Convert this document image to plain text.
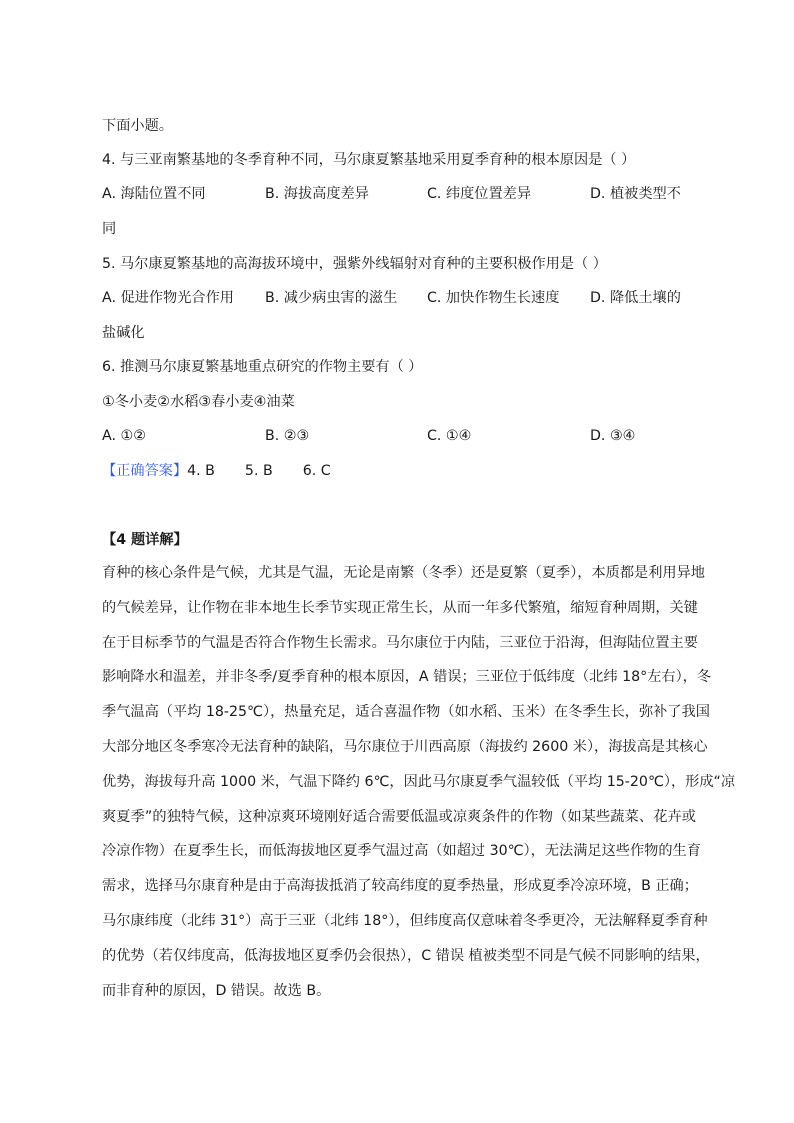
下面小题。
4. 与三亚南繁基地的冬季育种不同，马尔康夏繁基地采用夏季育种的根本原因是（ ）
A. 海陆位置不同	B. 海拔高度差异	C. 纬度位置差异	D. 植被类型不
同
5. 马尔康夏繁基地的高海拔环境中，强紫外线辐射对育种的主要积极作用是（ ）
A. 促进作物光合作用 B. 减少病虫害的滋生 C. 加快作物生长速度 D. 降低土壤的
盐碱化
6. 推测马尔康夏繁基地重点研究的作物主要有（ ）
①冬小麦②水稻③春小麦④油菜
A. ①②	B. ②③	C. ①④	D. ③④
【正确答案】4. B 5. B 6. C
【4 题详解】
育种的核心条件是气候，尤其是气温，无论是南繁（冬季）还是夏繁（夏季），本质都是利用异地
的气候差异，让作物在非本地生长季节实现正常生长，从而一年多代繁殖，缩短育种周期，关键
在于目标季节的气温是否符合作物生长需求。马尔康位于内陆，三亚位于沿海，但海陆位置主要
影响降水和温差，并非冬季/夏季育种的根本原因，A 错误；三亚位于低纬度（北纬 18°左右），冬
季气温高（平均 18-25℃），热量充足，适合喜温作物（如水稻、玉米）在冬季生长，弥补了我国
大部分地区冬季寒冷无法育种的缺陷，马尔康位于川西高原（海拔约 2600 米），海拔高是其核心
优势，海拔每升高 1000 米，气温下降约 6℃，因此马尔康夏季气温较低（平均 15-20℃），形成“凉
爽夏季”的独特气候，这种凉爽环境刚好适合需要低温或凉爽条件的作物（如某些蔬菜、花卉或
冷凉作物）在夏季生长，而低海拔地区夏季气温过高（如超过 30℃），无法满足这些作物的生育
需求，选择马尔康育种是由于高海拔抵消了较高纬度的夏季热量，形成夏季冷凉环境，B 正确；
马尔康纬度（北纬 31°）高于三亚（北纬 18°），但纬度高仅意味着冬季更冷，无法解释夏季育种
的优势（若仅纬度高，低海拔地区夏季仍会很热），C 错误 植被类型不同是气候不同影响的结果，
而非育种的原因，D 错误。故选 B。
